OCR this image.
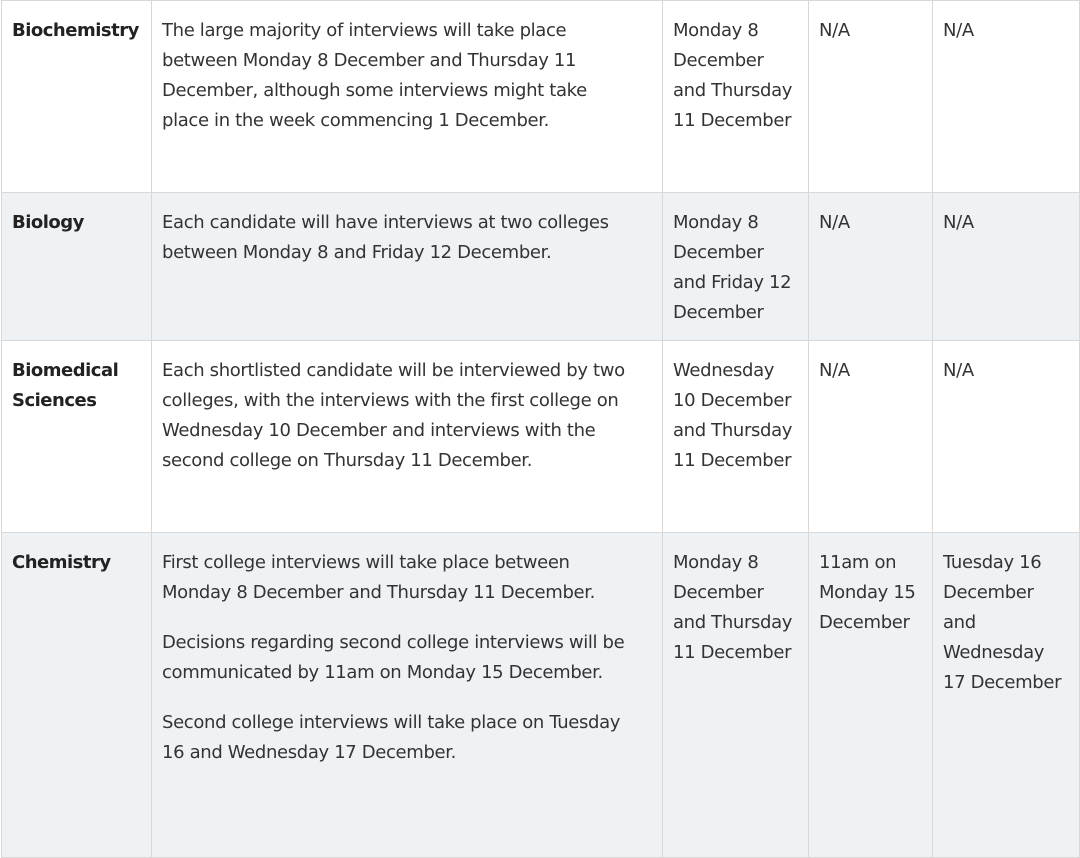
Biochemistry	The large majority of interviews will take place between Monday 8 December and Thursday 11 December, although some interviews might take place in the week commencing 1 December.	Monday 8 December and Thursday 11 December	N/A	N/A
Biology	Each candidate will have interviews at two colleges between Monday 8 and Friday 12 December.	Monday 8 December and Friday 12 December	N/A	N/A
Biomedical Sciences	Each shortlisted candidate will be interviewed by two colleges, with the interviews with the first college on Wednesday 10 December and interviews with the second college on Thursday 11 December.	Wednesday 10 December and Thursday 11 December	N/A	N/A
Chemistry	First college interviews will take place between Monday 8 December and Thursday 11 December.

Decisions regarding second college interviews will be communicated by 11am on Monday 15 December.

Second college interviews will take place on Tuesday 16 and Wednesday 17 December.	Monday 8 December and Thursday 11 December	11am on Monday 15 December	Tuesday 16 December and Wednesday 17 December
